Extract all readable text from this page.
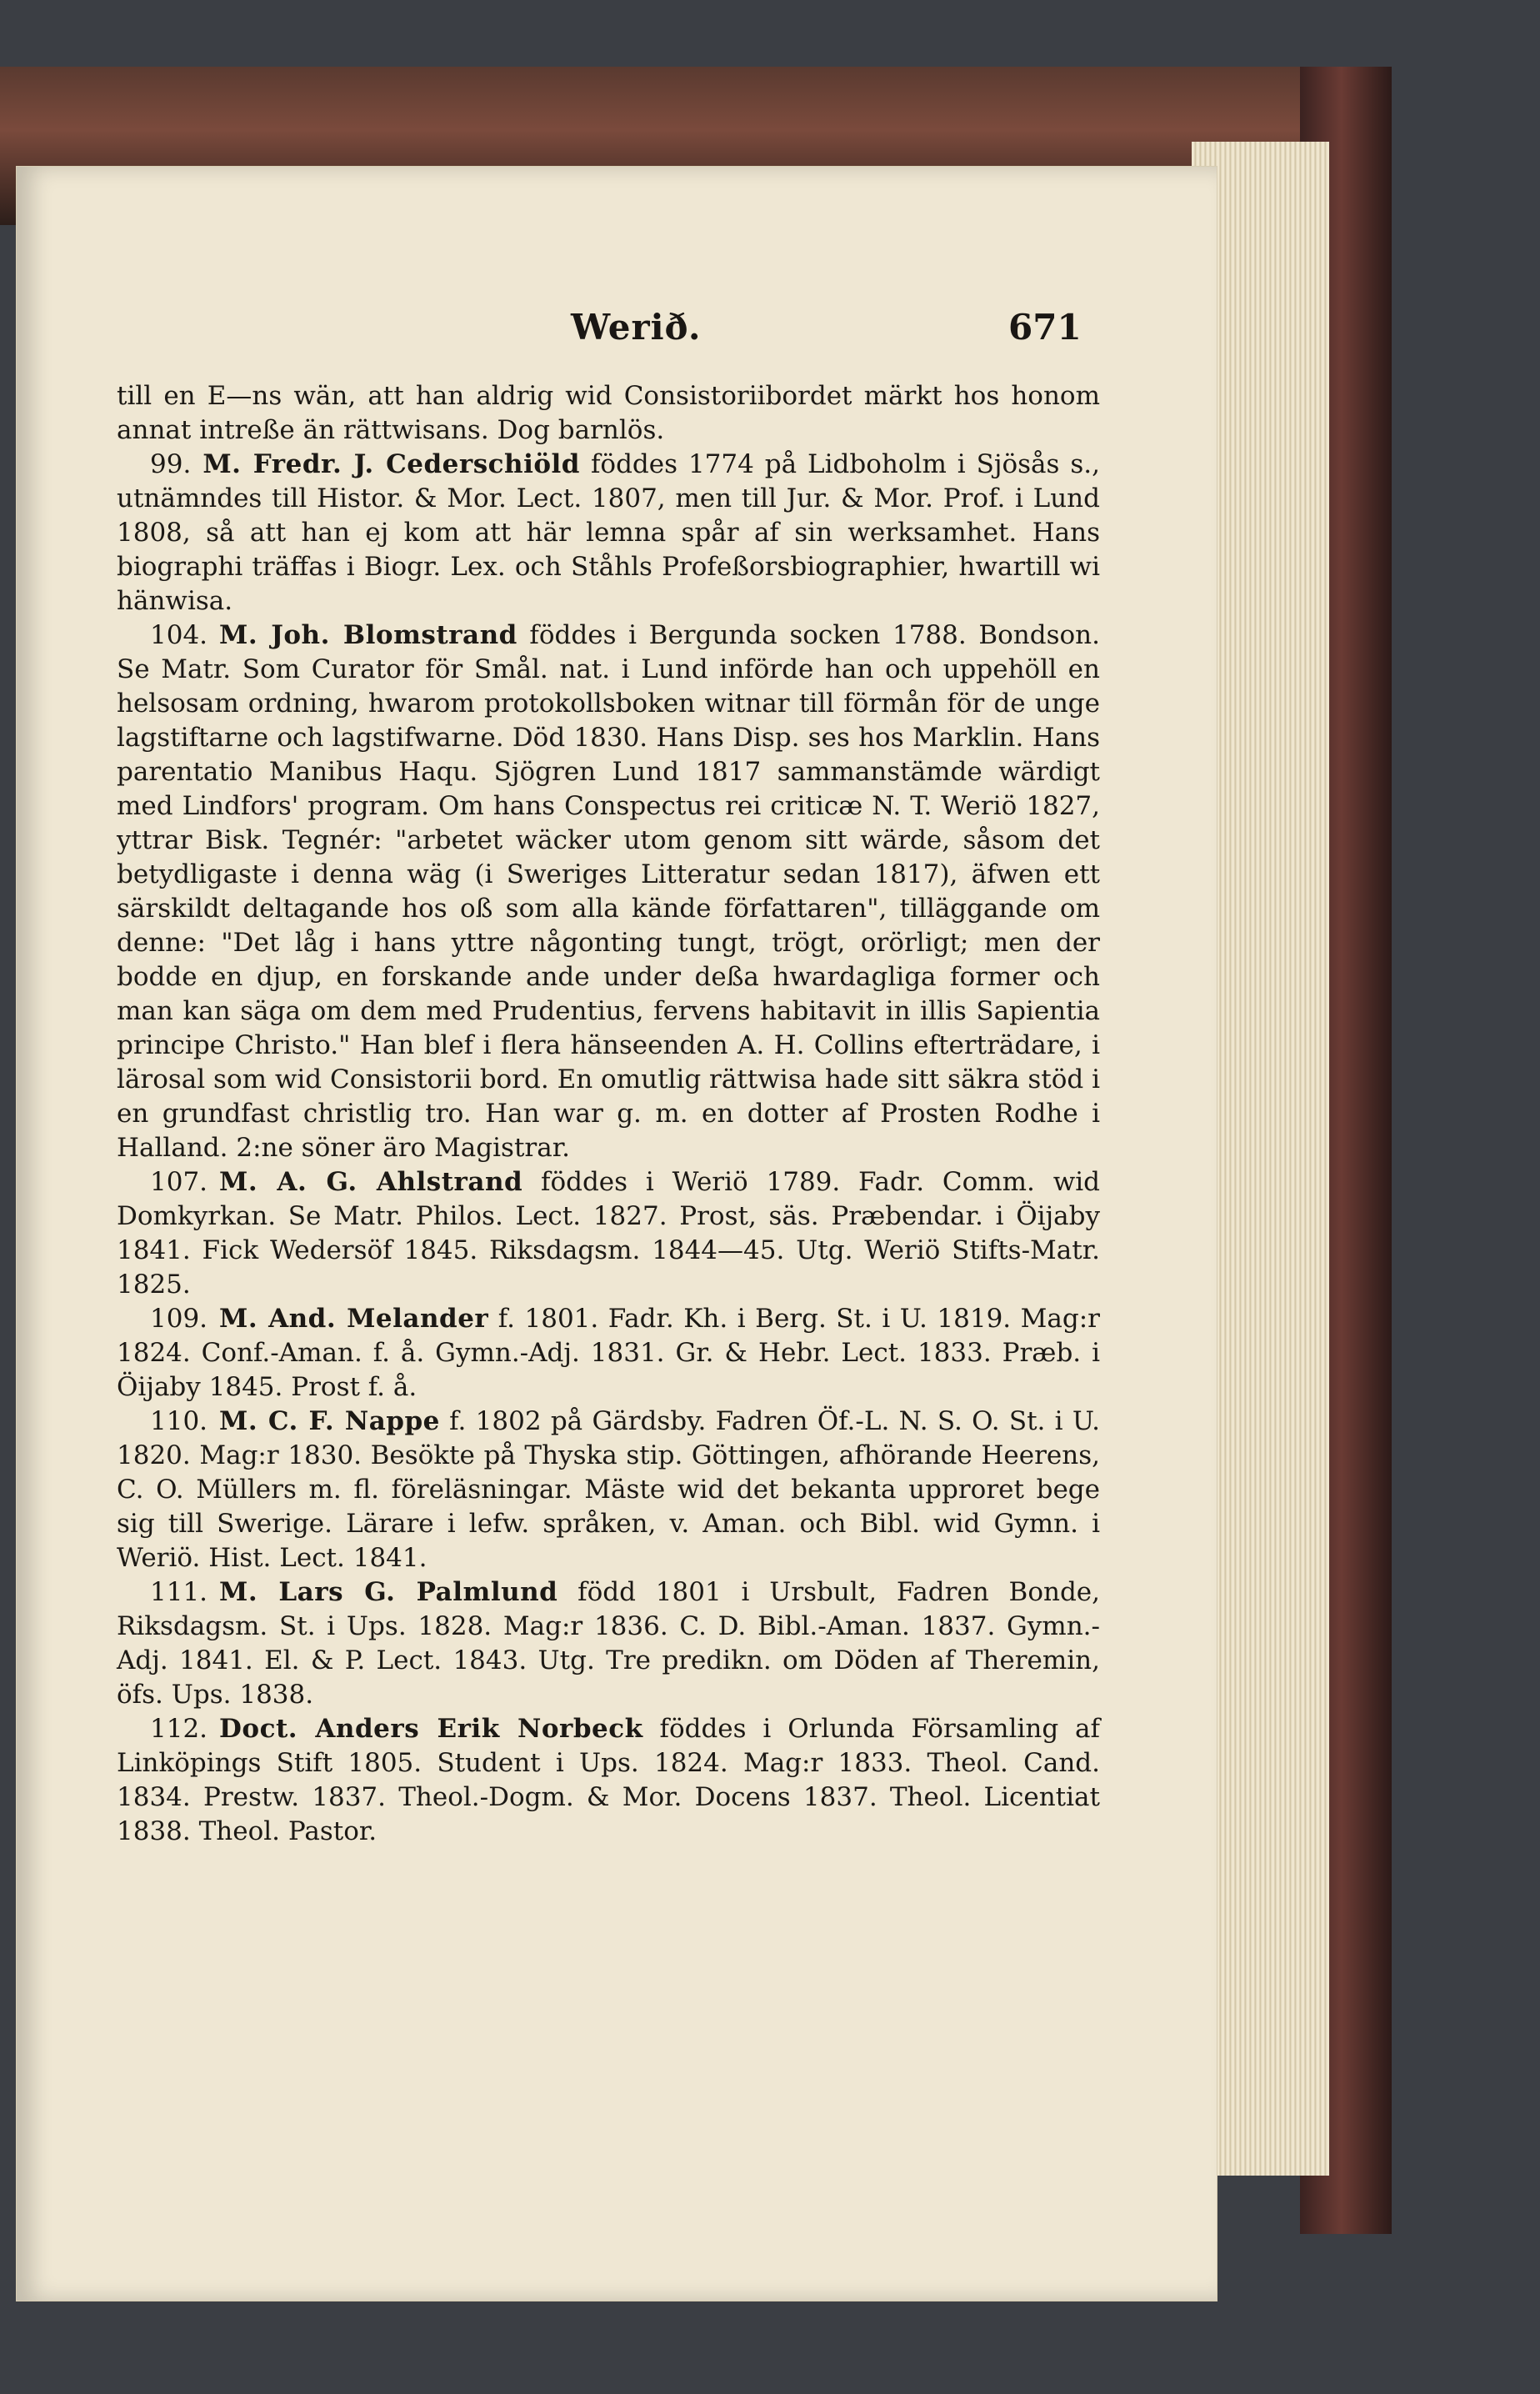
Werið.	671

till en E—ns wän, att han aldrig wid Consistoriibordet märkt hos honom annat intreße än rättwisans. Dog barnlös.

99. M. Fredr. J. Cederschiöld föddes 1774 på Lidboholm i Sjösås s., utnämndes till Histor. & Mor. Lect. 1807, men till Jur. & Mor. Prof. i Lund 1808, så att han ej kom att här lemna spår af sin werksamhet. Hans biographi träffas i Biogr. Lex. och Ståhls Profeßorsbiographier, hwartill wi hänwisa.

104. M. Joh. Blomstrand föddes i Bergunda socken 1788. Bondson. Se Matr. Som Curator för Smål. nat. i Lund införde han och uppehöll en helsosam ordning, hwarom protokollsboken witnar till förmån för de unge lagstiftarne och lagstifwarne. Död 1830. Hans Disp. ses hos Marklin. Hans parentatio Manibus Haqu. Sjögren Lund 1817 sammanstämde wärdigt med Lindfors' program. Om hans Conspectus rei criticæ N. T. Weriö 1827, yttrar Bisk. Tegnér: "arbetet wäcker utom genom sitt wärde, såsom det betydligaste i denna wäg (i Sweriges Litteratur sedan 1817), äfwen ett särskildt deltagande hos oß som alla kände författaren", tilläggande om denne: "Det låg i hans yttre någonting tungt, trögt, orörligt; men der bodde en djup, en forskande ande under deßa hwardagliga former och man kan säga om dem med Prudentius, fervens habitavit in illis Sapientia principe Christo." Han blef i flera hänseenden A. H. Collins efterträdare, i lärosal som wid Consistorii bord. En omutlig rättwisa hade sitt säkra stöd i en grundfast christlig tro. Han war g. m. en dotter af Prosten Rodhe i Halland. 2:ne söner äro Magistrar.

107. M. A. G. Ahlstrand föddes i Weriö 1789. Fadr. Comm. wid Domkyrkan. Se Matr. Philos. Lect. 1827. Prost, säs. Præbendar. i Öijaby 1841. Fick Wedersöf 1845. Riksdagsm. 1844—45. Utg. Weriö Stifts-Matr. 1825.

109. M. And. Melander f. 1801. Fadr. Kh. i Berg. St. i U. 1819. Mag:r 1824. Conf.-Aman. f. å. Gymn.-Adj. 1831. Gr. & Hebr. Lect. 1833. Præb. i Öijaby 1845. Prost f. å.

110. M. C. F. Nappe f. 1802 på Gärdsby. Fadren Öf.-L. N. S. O. St. i U. 1820. Mag:r 1830. Besökte på Thyska stip. Göttingen, afhörande Heerens, C. O. Müllers m. fl. föreläsningar. Mäste wid det bekanta upproret bege sig till Swerige. Lärare i lefw. språken, v. Aman. och Bibl. wid Gymn. i Weriö. Hist. Lect. 1841.

111. M. Lars G. Palmlund född 1801 i Ursbult, Fadren Bonde, Riksdagsm. St. i Ups. 1828. Mag:r 1836. C. D. Bibl.-Aman. 1837. Gymn.-Adj. 1841. El. & P. Lect. 1843. Utg. Tre predikn. om Döden af Theremin, öfs. Ups. 1838.

112. Doct. Anders Erik Norbeck föddes i Orlunda Församling af Linköpings Stift 1805. Student i Ups. 1824. Mag:r 1833. Theol. Cand. 1834. Prestw. 1837. Theol.-Dogm. & Mor. Docens 1837. Theol. Licentiat 1838. Theol. Pastor.
